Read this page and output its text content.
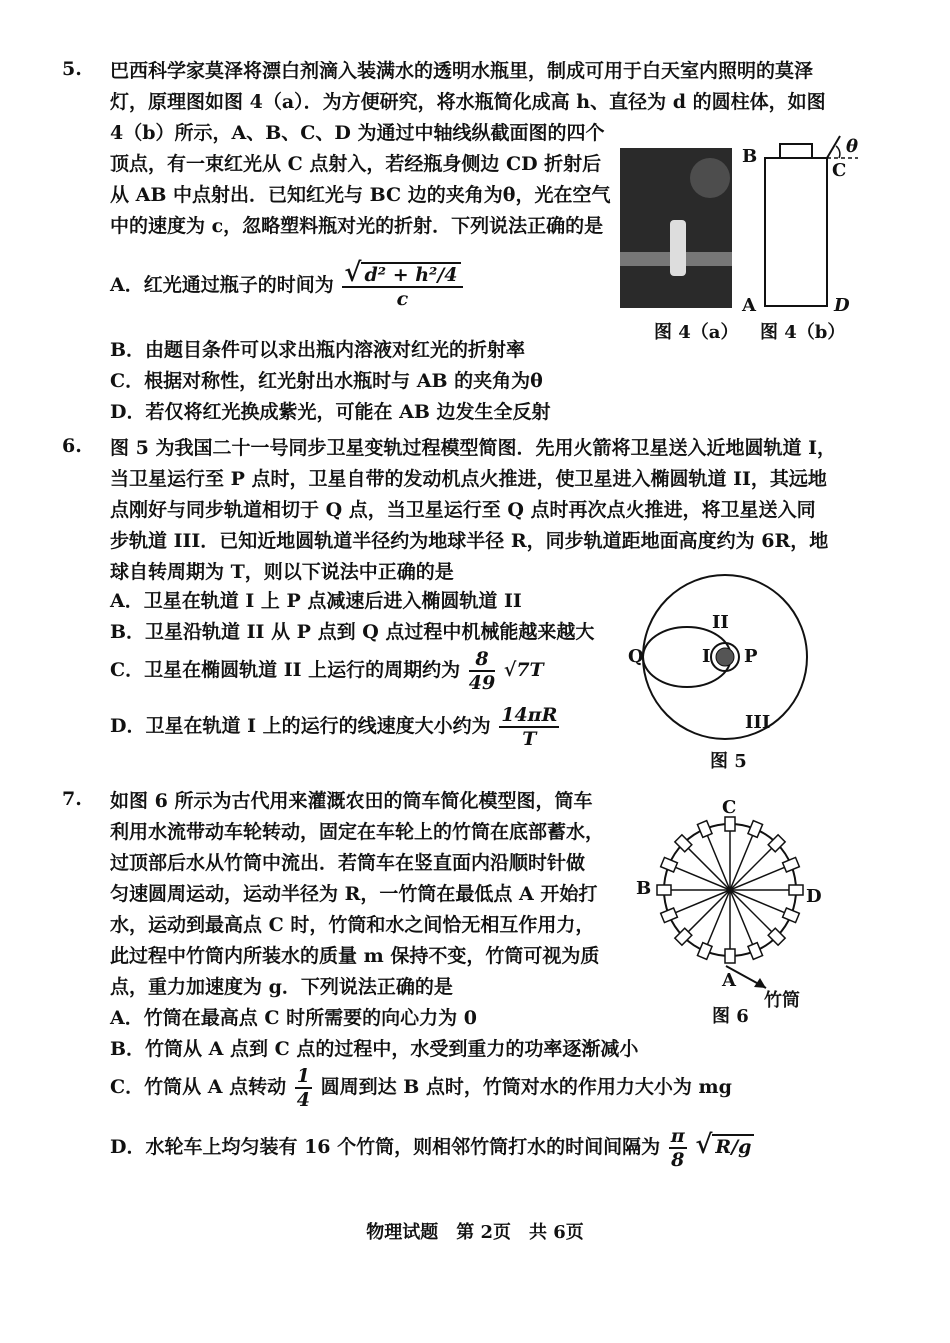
5. 巴西科学家莫泽将漂白剂滴入装满水的透明水瓶里，制成可用于白天室内照明的莫泽
灯，原理图如图 4（a）．为方便研究，将水瓶简化成高 h、直径为 d 的圆柱体，如图
4（b）所示，A、B、C、D 为通过中轴线纵截面图的四个
顶点，有一束红光从 C 点射入，若经瓶身侧边 CD 折射后
从 AB 中点射出．已知红光与 BC 边的夹角为θ，光在空气
中的速度为 c，忽略塑料瓶对光的折射．下列说法正确的是
A．红光通过瓶子的时间为 $\frac{\text{√ d² + h²/4}}{c}$
B．由题目条件可以求出瓶内溶液对红光的折射率
C．根据对称性，红光射出水瓶时与 AB 的夹角为θ
D．若仅将红光换成紫光，可能在 AB 边发生全反射
B
C
A	D
θ
图 4（a） 图 4（b）
6. 图 5 为我国二十一号同步卫星变轨过程模型简图．先用火箭将卫星送入近地圆轨道 I，
当卫星运行至 P 点时，卫星自带的发动机点火推进，使卫星进入椭圆轨道 II，其远地
点刚好与同步轨道相切于 Q 点，当卫星运行至 Q 点时再次点火推进，将卫星送入同
步轨道 III．已知近地圆轨道半径约为地球半径 R，同步轨道距地面高度约为 6R，地
球自转周期为 T，则以下说法中正确的是
A．卫星在轨道 I 上 P 点减速后进入椭圆轨道 II
B．卫星沿轨道 II 从 P 点到 Q 点过程中机械能越来越大
C．卫星在椭圆轨道 II 上运行的周期约为 $\frac{8}{49} √7T$
D．卫星在轨道 I 上的运行的线速度大小约为 $\frac{14\pi R}{T}$
Q	P
I
II
III
图 5
7. 如图 6 所示为古代用来灌溉农田的筒车简化模型图，筒车
利用水流带动车轮转动，固定在车轮上的竹筒在底部蓄水，
过顶部后水从竹筒中流出．若筒车在竖直面内沿顺时针做
匀速圆周运动，运动半径为 R，一竹筒在最低点 A 开始打
水，运动到最高点 C 时，竹筒和水之间恰无相互作用力，
此过程中竹筒内所装水的质量 m 保持不变，竹筒可视为质
点，重力加速度为 g．下列说法正确的是
A．竹筒在最高点 C 时所需要的向心力为 0
B．竹筒从 A 点到 C 点的过程中，水受到重力的功率逐渐减小
C．竹筒从 A 点转动 $\frac{1}{4}$ 圆周到达 B 点时，竹筒对水的作用力大小为 mg
D．水轮车上均匀装有 16 个竹筒，则相邻竹筒打水的时间间隔为 $\frac{\pi}{8}$ √ R/g
C
B	D
A
竹筒
图 6
物理试题　第 2页　共 6页
